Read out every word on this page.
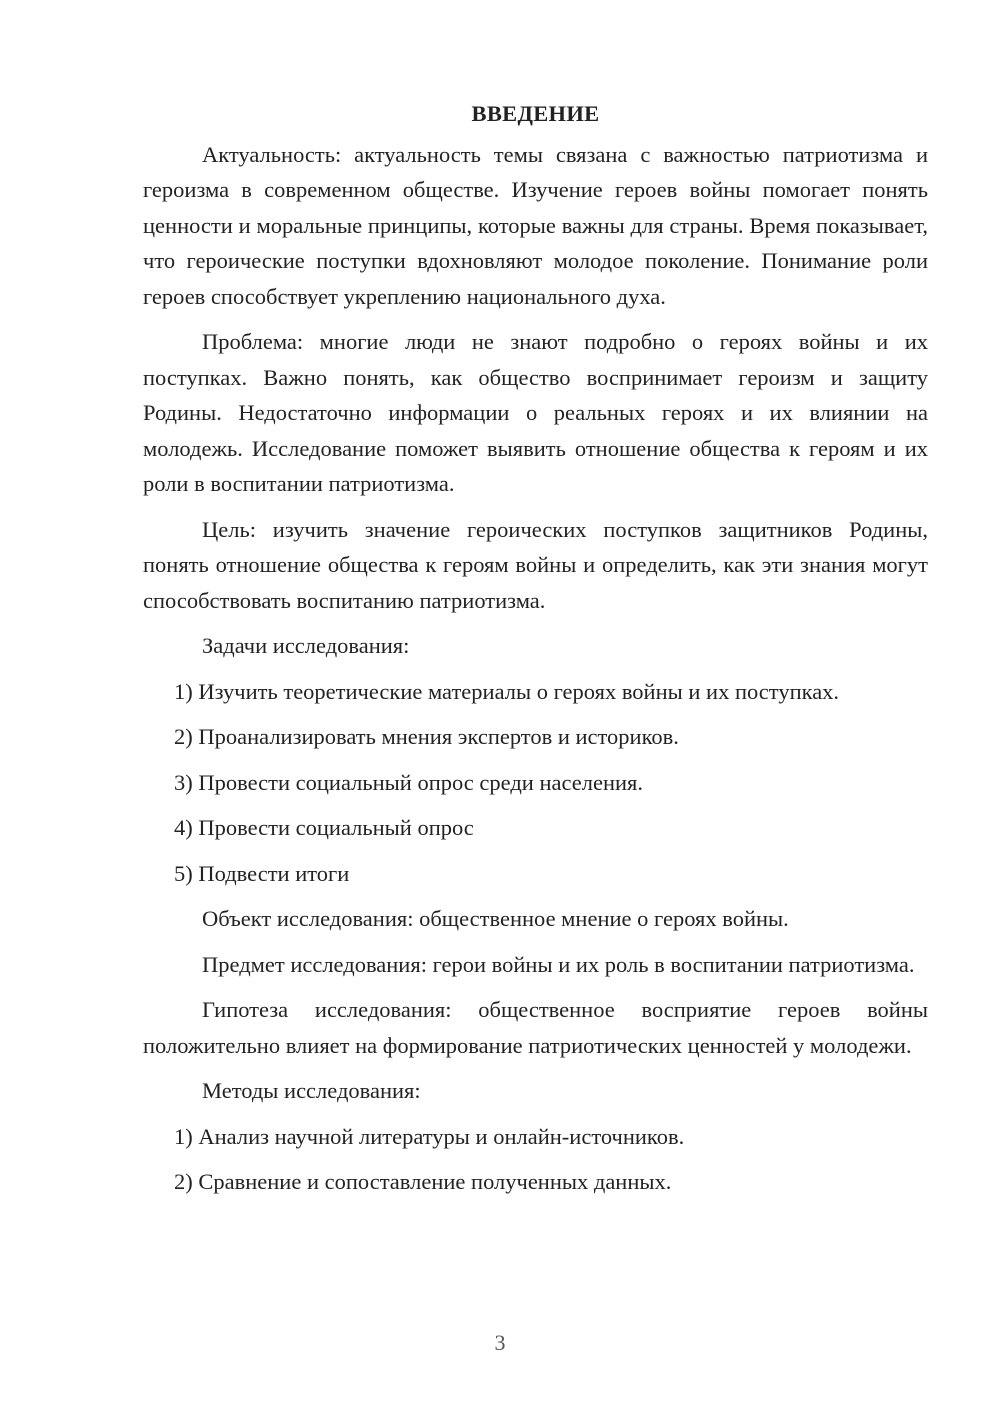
ВВЕДЕНИЕ

Актуальность: актуальность темы связана с важностью патриотизма и героизма в современном обществе. Изучение героев войны помогает понять ценности и моральные принципы, которые важны для страны. Время показывает, что героические поступки вдохновляют молодое поколение. Понимание роли героев способствует укреплению национального духа.

Проблема: многие люди не знают подробно о героях войны и их поступках. Важно понять, как общество воспринимает героизм и защиту Родины. Недостаточно информации о реальных героях и их влиянии на молодежь. Исследование поможет выявить отношение общества к героям и их роли в воспитании патриотизма.

Цель: изучить значение героических поступков защитников Родины, понять отношение общества к героям войны и определить, как эти знания могут способствовать воспитанию патриотизма.

Задачи исследования:

1) Изучить теоретические материалы о героях войны и их поступках.

2) Проанализировать мнения экспертов и историков.

3) Провести социальный опрос среди населения.

4) Провести социальный опрос

5) Подвести итоги

Объект исследования: общественное мнение о героях войны.

Предмет исследования: герои войны и их роль в воспитании патриотизма.

Гипотеза исследования: общественное восприятие героев войны положительно влияет на формирование патриотических ценностей у молодежи.

Методы исследования:

1) Анализ научной литературы и онлайн-источников.

2) Сравнение и сопоставление полученных данных.

3
